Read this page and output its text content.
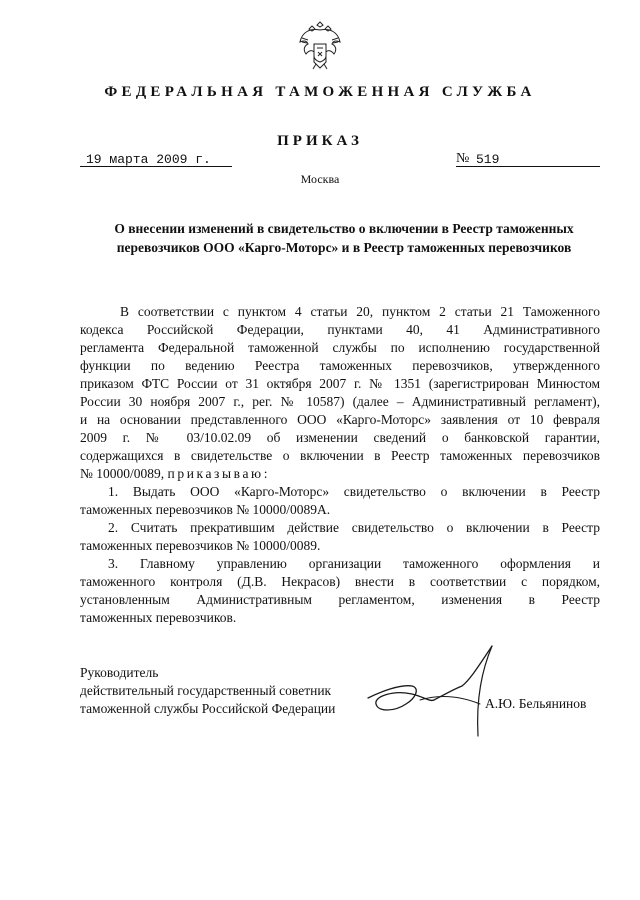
ФЕДЕРАЛЬНАЯ ТАМОЖЕННАЯ СЛУЖБА
ПРИКАЗ
19 марта 2009 г.	№ 519
Москва
О внесении изменений в свидетельство о включении в Реестр таможенных
перевозчиков ООО «Карго-Моторс» и в Реестр таможенных перевозчиков
В соответствии с пунктом 4 статьи 20, пунктом 2 статьи 21 Таможенного
кодекса Российской Федерации, пунктами 40, 41 Административного
регламента Федеральной таможенной службы по исполнению государственной
функции по ведению Реестра таможенных перевозчиков, утвержденного
приказом ФТС России от 31 октября 2007 г. № 1351 (зарегистрирован Минюстом
России 30 ноября 2007 г., рег. № 10587) (далее – Административный регламент),
и на основании представленного ООО «Карго-Моторс» заявления от 10 февраля
2009 г. № 03/10.02.09 об изменении сведений о банковской гарантии,
содержащихся в свидетельстве о включении в Реестр таможенных перевозчиков
№ 10000/0089, приказываю:
1. Выдать ООО «Карго-Моторс» свидетельство о включении в Реестр
таможенных перевозчиков № 10000/0089А.
2. Считать прекратившим действие свидетельство о включении в Реестр
таможенных перевозчиков № 10000/0089.
3. Главному управлению организации таможенного оформления и
таможенного контроля (Д.В. Некрасов) внести в соответствии с порядком,
установленным Административным регламентом, изменения в Реестр
таможенных перевозчиков.
Руководитель
действительный государственный советник
таможенной службы Российской Федерации	А.Ю. Бельянинов
